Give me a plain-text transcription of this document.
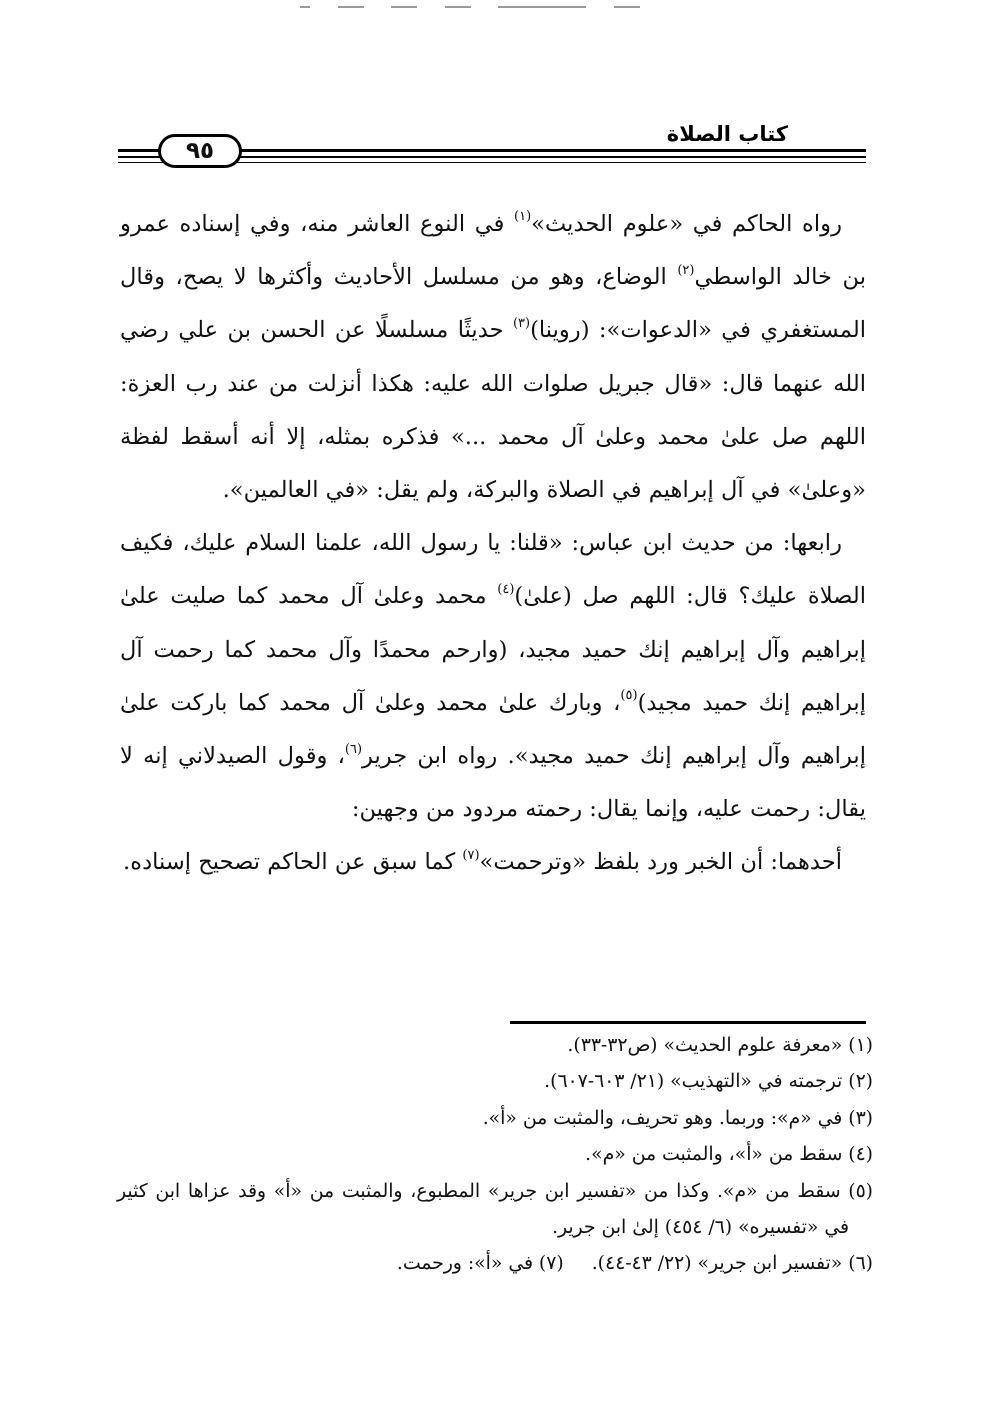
كتاب الصلاة
٩٥

رواه الحاكم في «علوم الحديث»$^{(١)}$ في النوع العاشر منه، وفي إسناده عمرو بن خالد الواسطي$^{(٢)}$ الوضاع، وهو من مسلسل الأحاديث وأكثرها لا يصح، وقال المستغفري في «الدعوات»: (روينا)$^{(٣)}$ حديثًا مسلسلًا عن الحسن بن علي رضي الله عنهما قال: «قال جبريل صلوات الله عليه: هكذا أنزلت من عند رب العزة: اللهم صل علىٰ محمد وعلىٰ آل محمد ...» فذكره بمثله، إلا أنه أسقط لفظة «وعلىٰ» في آل إبراهيم في الصلاة والبركة، ولم يقل: «في العالمين».

رابعها: من حديث ابن عباس: «قلنا: يا رسول الله، علمنا السلام عليك، فكيف الصلاة عليك؟ قال: اللهم صل (علىٰ)$^{(٤)}$ محمد وعلىٰ آل محمد كما صليت علىٰ إبراهيم وآل إبراهيم إنك حميد مجيد، (وارحم محمدًا وآل محمد كما رحمت آل إبراهيم إنك حميد مجيد)$^{(٥)}$، وبارك علىٰ محمد وعلىٰ آل محمد كما باركت علىٰ إبراهيم وآل إبراهيم إنك حميد مجيد». رواه ابن جرير$^{(٦)}$، وقول الصيدلاني إنه لا يقال: رحمت عليه، وإنما يقال: رحمته مردود من وجهين:

أحدهما: أن الخبر ورد بلفظ «وترحمت»$^{(٧)}$ كما سبق عن الحاكم تصحيح إسناده.

(١) «معرفة علوم الحديث» (ص٣٢-٣٣).

(٢) ترجمته في «التهذيب» (٢١/ ٦٠٣-٦٠٧).

(٣) في «م»: وربما. وهو تحريف، والمثبت من «أ».

(٤) سقط من «أ»، والمثبت من «م».

(٥) سقط من «م». وكذا من «تفسير ابن جرير» المطبوع، والمثبت من «أ» وقد عزاها ابن كثير في «تفسيره» (٦/ ٤٥٤) إلىٰ ابن جرير.

(٦) «تفسير ابن جرير» (٢٢/ ٤٣-٤٤).(٧) في «أ»: ورحمت.
